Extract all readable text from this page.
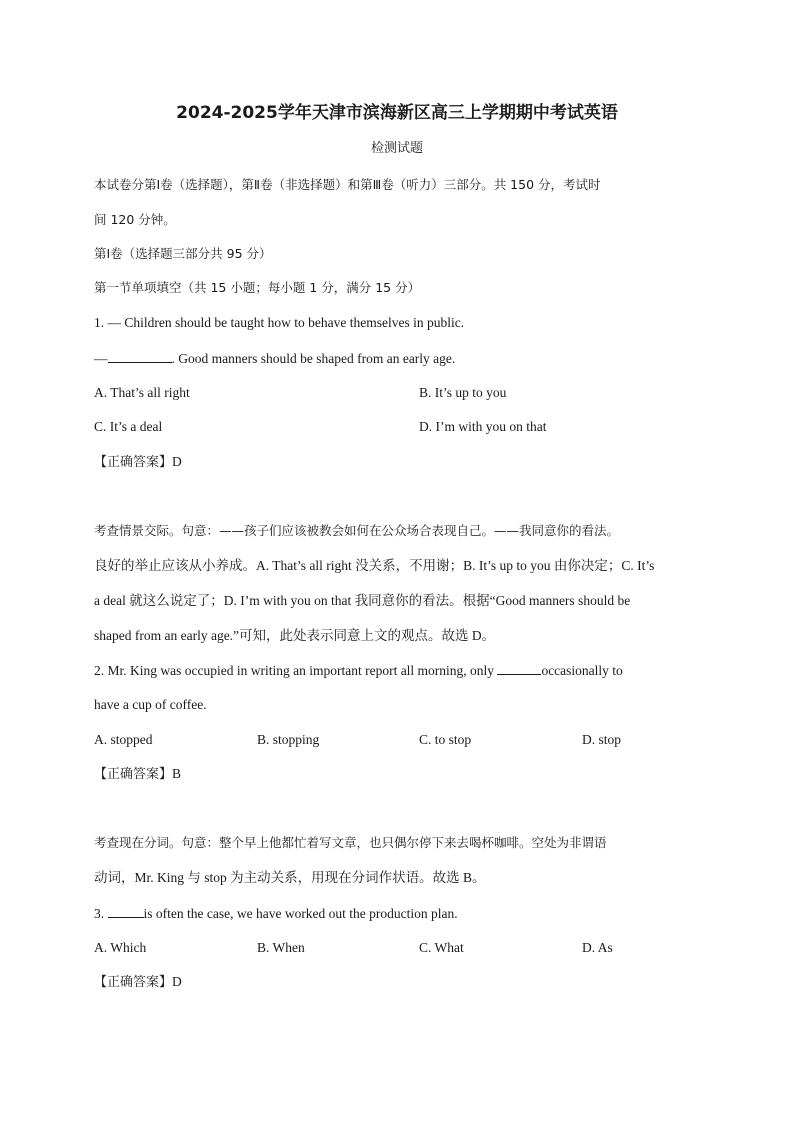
2024-2025学年天津市滨海新区高三上学期期中考试英语
检测试题
本试卷分第Ⅰ卷（选择题），第Ⅱ卷（非选择题）和第Ⅲ卷（听力）三部分。共 150 分，考试时
间 120 分钟。
第Ⅰ卷（选择题三部分共 95 分）
第一节单项填空（共 15 小题；每小题 1 分，满分 15 分）
1. — Children should be taught how to behave themselves in public.
—	. Good manners should be shaped from an early age.
A. That’s all right	B. It’s up to you
C. It’s a deal	D. I’m with you on that
【正确答案】D
考查情景交际。句意：——孩子们应该被教会如何在公众场合表现自己。——我同意你的看法。
良好的举止应该从小养成。A. That’s all right 没关系，不用谢；B. It’s up to you 由你决定；C. It’s
a deal 就这么说定了；D. I’m with you on that 我同意你的看法。根据“Good manners should be
shaped from an early age.”可知，此处表示同意上文的观点。故选 D。
2. Mr. King was occupied in writing an important report all morning, only	occasionally to
have a cup of coffee.
A. stopped	B. stopping	C. to stop	D. stop
【正确答案】B
考查现在分词。句意：整个早上他都忙着写文章，也只偶尔停下来去喝杯咖啡。空处为非谓语
动词，Mr. King 与 stop 为主动关系，用现在分词作状语。故选 B。
3.	is often the case, we have worked out the production plan.
A. Which	B. When	C. What	D. As
【正确答案】D
